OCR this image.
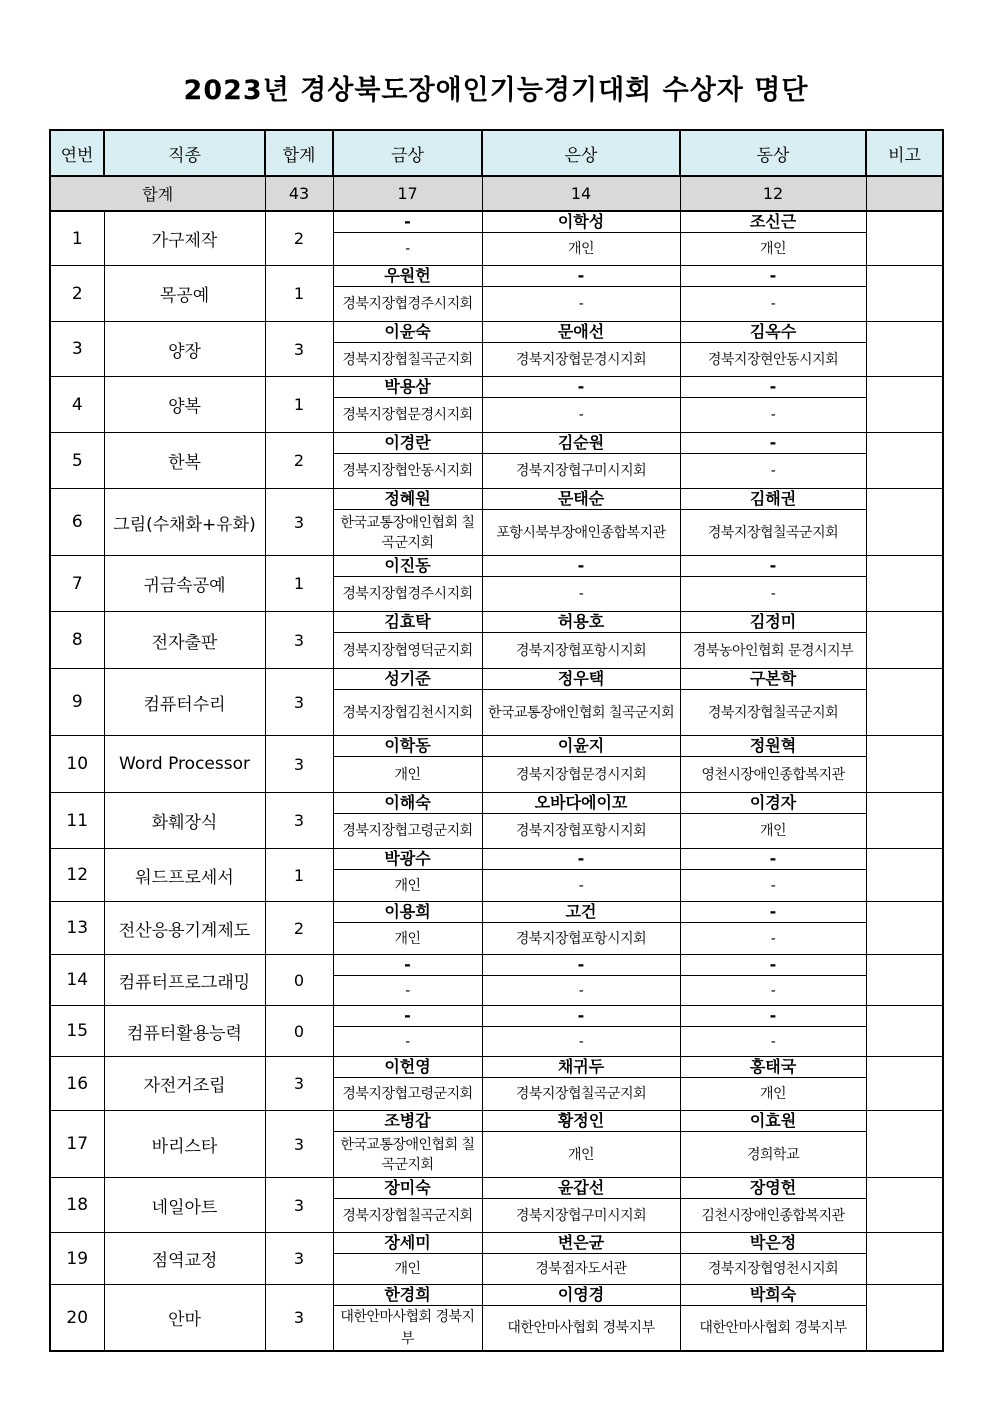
2023년 경상북도장애인기능경기대회 수상자 명단
연번	직종	합계	금상	은상	동상	비고
합계		43	17	14	12	
1	가구제작	2	-	이학성	조신근	
			-	개인	개인	
2	목공예	1	우원헌	-	-	
			경북지장협경주시지회	-	-	
3	양장	3	이윤숙	문애선	김옥수	
			경북지장협칠곡군지회	경북지장협문경시지회	경북지장현안동시지회	
4	양복	1	박용삼	-	-	
			경북지장협문경시지회	-	-	
5	한복	2	이경란	김순원	-	
			경북지장협안동시지회	경북지장협구미시지회	-	
6	그림(수채화+유화)	3	정혜원	문태순	김해권	
			한국교통장애인협회 칠곡군지회	포항시북부장애인종합복지관	경북지장협칠곡군지회	
7	귀금속공예	1	이진동	-	-	
			경북지장협경주시지회	-	-	
8	전자출판	3	김효탁	허용호	김정미	
			경북지장협영덕군지회	경북지장협포항시지회	경북농아인협회 문경시지부	
9	컴퓨터수리	3	성기준	정우택	구본학	
			경북지장협김천시지회	한국교통장애인협회 칠곡군지회	경북지장협칠곡군지회	
10	Word Processor	3	이학동	이윤지	정원혁	
			개인	경북지장협문경시지회	영천시장애인종합복지관	
11	화훼장식	3	이해숙	오바다에이꼬	이경자	
			경북지장협고령군지회	경북지장협포항시지회	개인	
12	워드프로세서	1	박광수	-	-	
			개인	-	-	
13	전산응용기계제도	2	이용희	고건	-	
			개인	경북지장협포항시지회	-	
14	컴퓨터프로그래밍	0	-	-	-	
			-	-	-	
15	컴퓨터활용능력	0	-	-	-	
			-	-	-	
16	자전거조립	3	이헌영	채귀두	홍태국	
			경북지장협고령군지회	경북지장협칠곡군지회	개인	
17	바리스타	3	조병갑	황정인	이효원	
			한국교통장애인협회 칠곡군지회	개인	경희학교	
18	네일아트	3	장미숙	윤갑선	장영헌	
			경북지장협칠곡군지회	경북지장협구미시지회	김천시장애인종합복지관	
19	점역교정	3	장세미	변은균	박은정	
			개인	경북점자도서관	경북지장협영천시지회	
20	안마	3	한경희	이영경	박희숙	
			대한안마사협회 경북지부	대한안마사협회 경북지부	대한안마사협회 경북지부	
